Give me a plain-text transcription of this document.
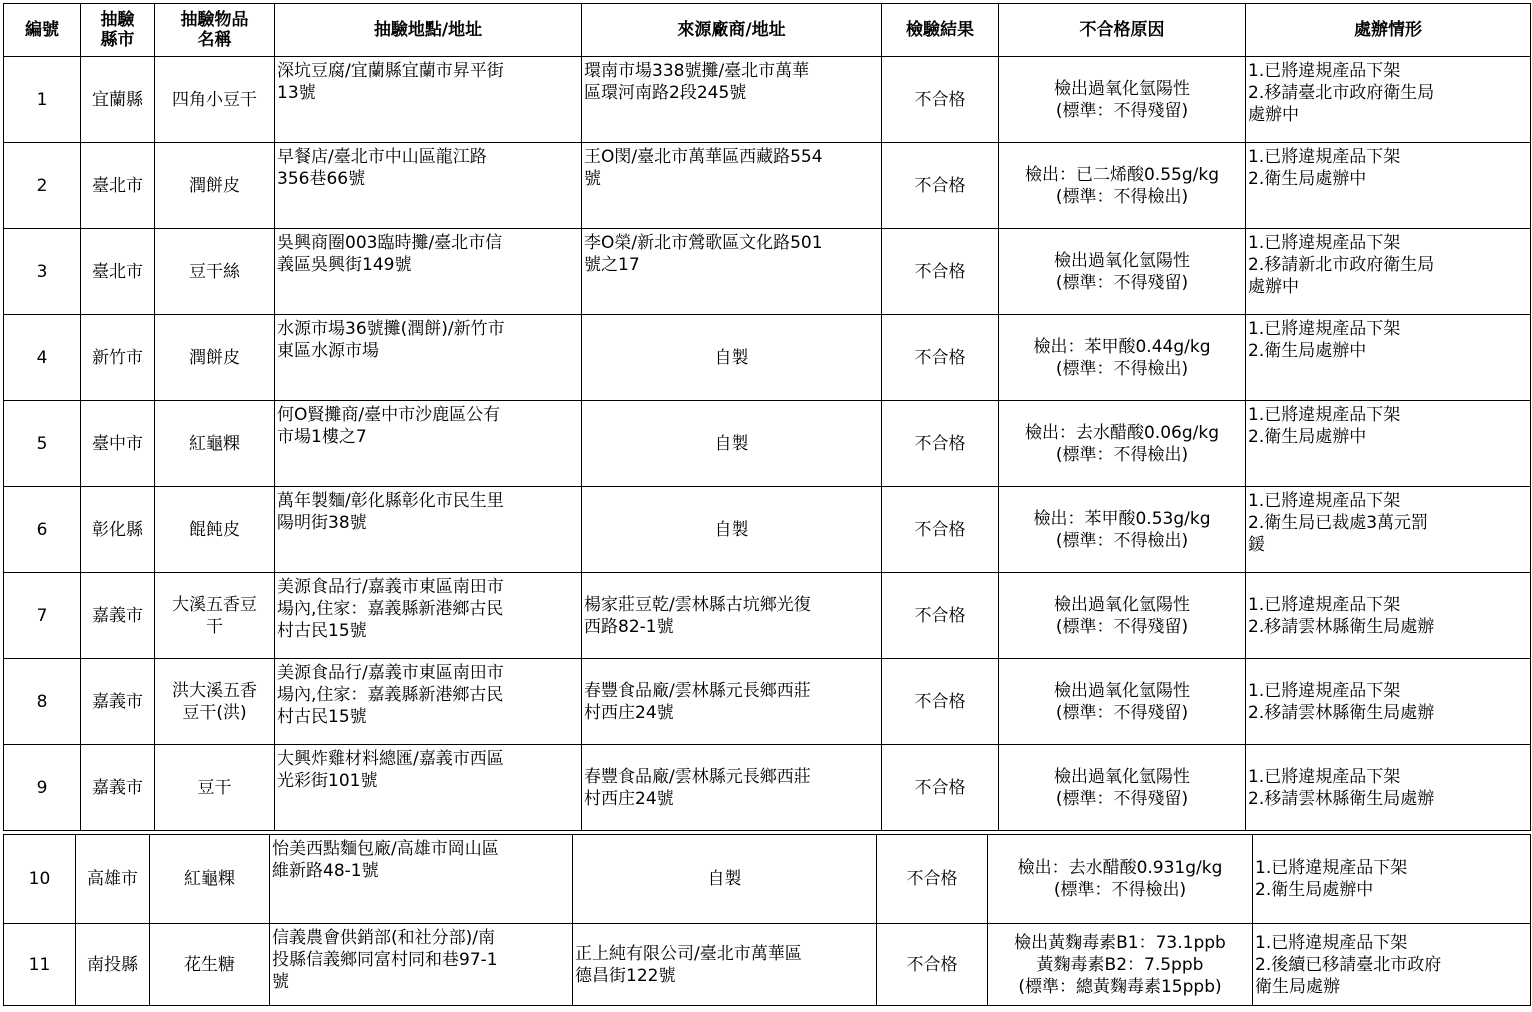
編號	抽驗
縣市	抽驗物品
名稱	抽驗地點/地址	來源廠商/地址	檢驗結果	不合格原因	處辦情形
1	宜蘭縣	四角小豆干	深坑豆腐/宜蘭縣宜蘭市昇平街
13號	環南市場338號攤/臺北市萬華
區環河南路2段245號	不合格	檢出過氧化氫陽性
(標準：不得殘留)	1.已將違規產品下架
2.移請臺北市政府衛生局
處辦中
2	臺北市	潤餅皮	早餐店/臺北市中山區龍江路
356巷66號	王O閔/臺北市萬華區西藏路554
號	不合格	檢出：已二烯酸0.55g/kg
(標準：不得檢出)	1.已將違規產品下架
2.衛生局處辦中
3	臺北市	豆干絲	吳興商圈003臨時攤/臺北市信
義區吳興街149號	李O榮/新北市鶯歌區文化路501
號之17	不合格	檢出過氧化氫陽性
(標準：不得殘留)	1.已將違規產品下架
2.移請新北市政府衛生局
處辦中
4	新竹市	潤餅皮	水源市場36號攤(潤餅)/新竹市
東區水源市場	自製	不合格	檢出：苯甲酸0.44g/kg
(標準：不得檢出)	1.已將違規產品下架
2.衛生局處辦中
5	臺中市	紅龜粿	何O賢攤商/臺中市沙鹿區公有
市場1樓之7	自製	不合格	檢出：去水醋酸0.06g/kg
(標準：不得檢出)	1.已將違規產品下架
2.衛生局處辦中
6	彰化縣	餛飩皮	萬年製麵/彰化縣彰化市民生里
陽明街38號	自製	不合格	檢出：苯甲酸0.53g/kg
(標準：不得檢出)	1.已將違規產品下架
2.衛生局已裁處3萬元罰
鍰
7	嘉義市	大溪五香豆
干	美源食品行/嘉義市東區南田市
場內,住家：嘉義縣新港鄉古民
村古民15號	楊家莊豆乾/雲林縣古坑鄉光復
西路82-1號	不合格	檢出過氧化氫陽性
(標準：不得殘留)	1.已將違規產品下架
2.移請雲林縣衛生局處辦
8	嘉義市	洪大溪五香
豆干(洪)	美源食品行/嘉義市東區南田市
場內,住家：嘉義縣新港鄉古民
村古民15號	春豐食品廠/雲林縣元長鄉西莊
村西庄24號	不合格	檢出過氧化氫陽性
(標準：不得殘留)	1.已將違規產品下架
2.移請雲林縣衛生局處辦
9	嘉義市	豆干	大興炸雞材料總匯/嘉義市西區
光彩街101號	春豐食品廠/雲林縣元長鄉西莊
村西庄24號	不合格	檢出過氧化氫陽性
(標準：不得殘留)	1.已將違規產品下架
2.移請雲林縣衛生局處辦
10	高雄市	紅龜粿	怡美西點麵包廠/高雄市岡山區
維新路48-1號	自製	不合格	檢出：去水醋酸0.931g/kg
(標準：不得檢出)	1.已將違規產品下架
2.衛生局處辦中
11	南投縣	花生糖	信義農會供銷部(和社分部)/南
投縣信義鄉同富村同和巷97-1
號	正上純有限公司/臺北市萬華區
德昌街122號	不合格	檢出黃麴毒素B1：73.1ppb
黃麴毒素B2：7.5ppb
(標準：總黃麴毒素15ppb)	1.已將違規產品下架
2.後續已移請臺北市政府
衛生局處辦
